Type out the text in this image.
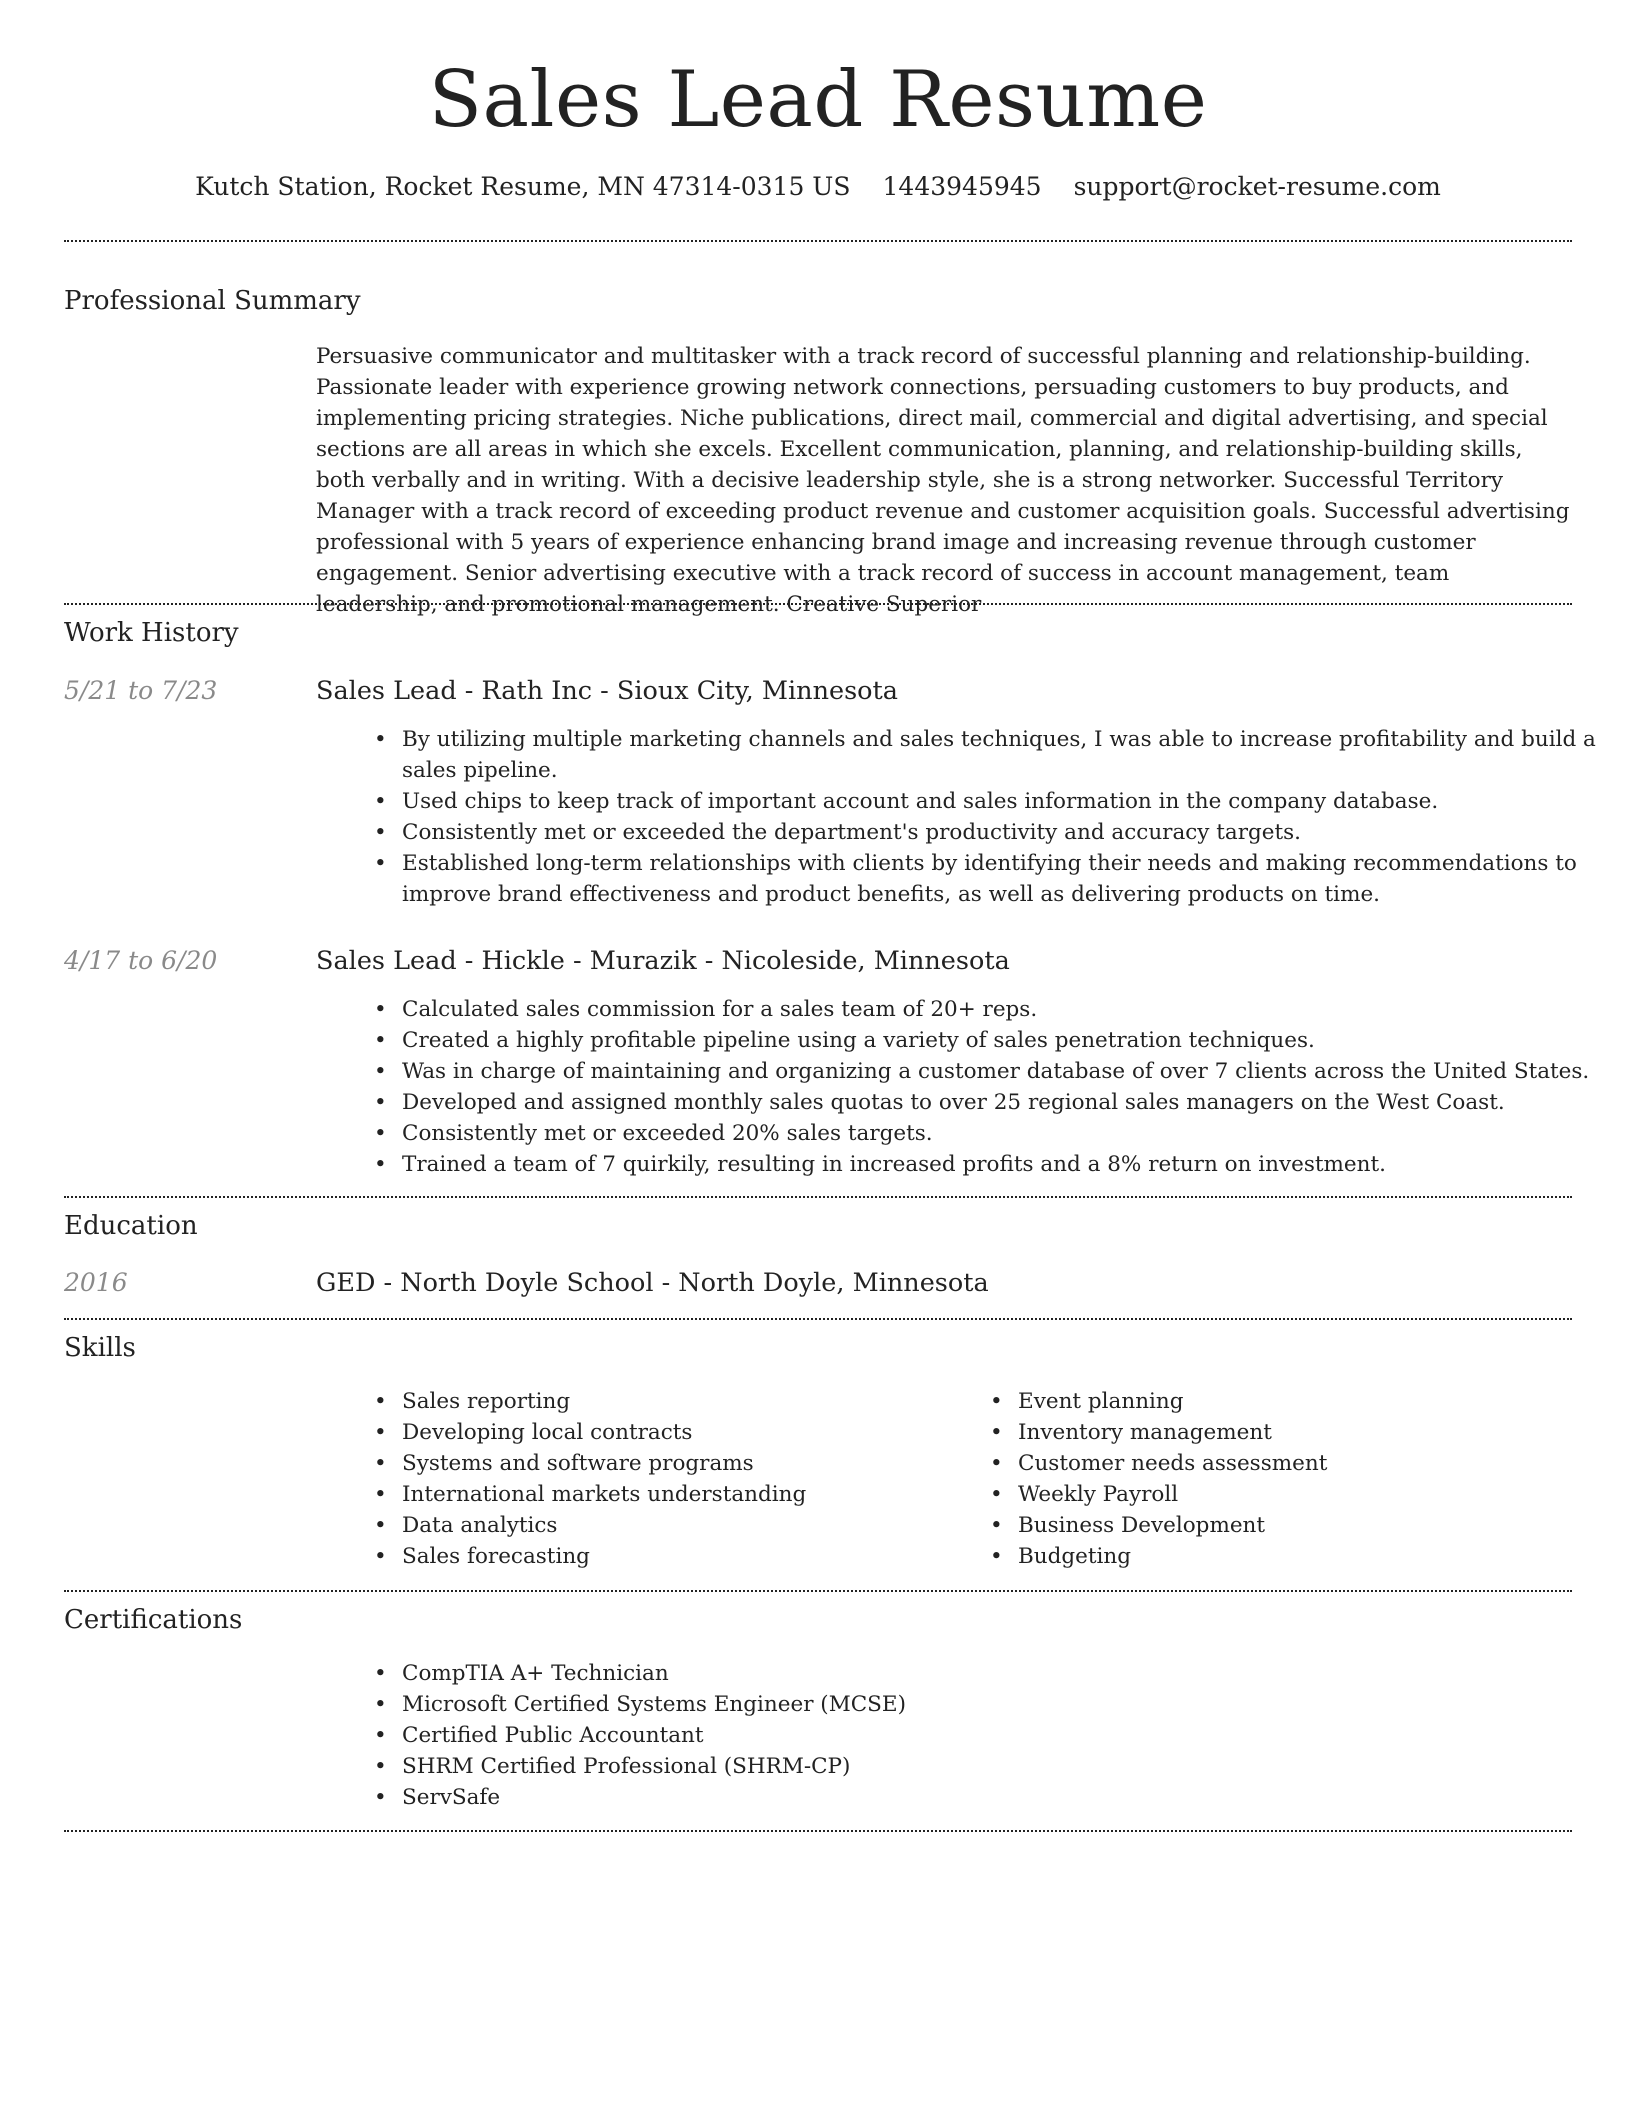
Sales Lead Resume
Kutch Station, Rocket Resume, MN 47314-0315 US 1443945945 support@rocket-resume.com
Professional Summary
Persuasive communicator and multitasker with a track record of successful planning and relationship-building. Passionate leader with experience growing network connections, persuading customers to buy products, and implementing pricing strategies. Niche publications, direct mail, commercial and digital advertising, and special sections are all areas in which she excels. Excellent communication, planning, and relationship-building skills, both verbally and in writing. With a decisive leadership style, she is a strong networker. Successful Territory Manager with a track record of exceeding product revenue and customer acquisition goals. Successful advertising professional with 5 years of experience enhancing brand image and increasing revenue through customer engagement. Senior advertising executive with a track record of success in account management, team leadership, and promotional management. Creative Superior
Work History
5/21 to 7/23	Sales Lead - Rath Inc - Sioux City, Minnesota
• By utilizing multiple marketing channels and sales techniques, I was able to increase profitability and build a sales pipeline.
• Used chips to keep track of important account and sales information in the company database.
• Consistently met or exceeded the department's productivity and accuracy targets.
• Established long-term relationships with clients by identifying their needs and making recommendations to improve brand effectiveness and product benefits, as well as delivering products on time.
4/17 to 6/20	Sales Lead - Hickle - Murazik - Nicoleside, Minnesota
• Calculated sales commission for a sales team of 20+ reps.
• Created a highly profitable pipeline using a variety of sales penetration techniques.
• Was in charge of maintaining and organizing a customer database of over 7 clients across the United States.
• Developed and assigned monthly sales quotas to over 25 regional sales managers on the West Coast.
• Consistently met or exceeded 20% sales targets.
• Trained a team of 7 quirkily, resulting in increased profits and a 8% return on investment.
Education
2016	GED - North Doyle School - North Doyle, Minnesota
Skills
• Sales reporting
• Developing local contracts
• Systems and software programs
• International markets understanding
• Data analytics
• Sales forecasting
• Event planning
• Inventory management
• Customer needs assessment
• Weekly Payroll
• Business Development
• Budgeting
Certifications
• CompTIA A+ Technician
• Microsoft Certified Systems Engineer (MCSE)
• Certified Public Accountant
• SHRM Certified Professional (SHRM-CP)
• ServSafe
